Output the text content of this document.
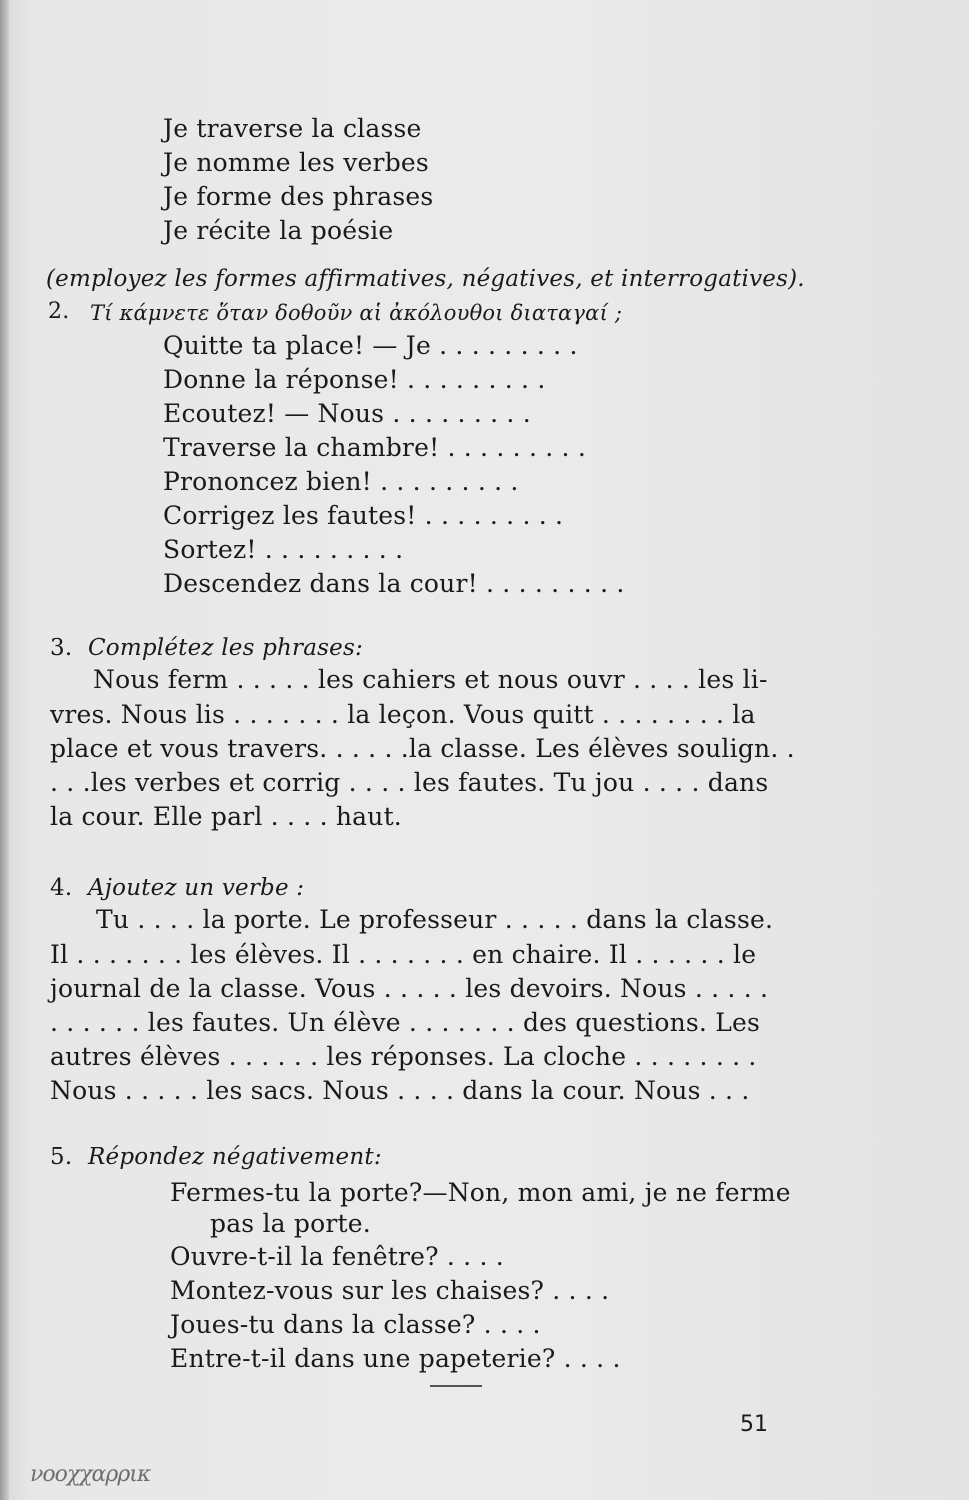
Je traverse la classe
Je nomme les verbes
Je forme des phrases
Je récite la poésie
(employez les formes affirmatives, négatives, et interrogatives).
2. Τί κάμνετε ὅταν δοθοῦν αἱ ἀκόλουθοι διαταγαί ;
Quitte ta place! — Je . . . . . . . . .
Donne la réponse! . . . . . . . . .
Ecoutez! — Nous . . . . . . . . .
Traverse la chambre! . . . . . . . . .
Prononcez bien! . . . . . . . . .
Corrigez les fautes! . . . . . . . . .
Sortez! . . . . . . . . .
Descendez dans la cour! . . . . . . . . .
3. Complétez les phrases:
Nous ferm . . . . . les cahiers et nous ouvr . . . . les li-
vres. Nous lis . . . . . . . la leçon. Vous quitt . . . . . . . . la
place et vous travers. . . . . .la classe. Les élèves soulign. .
. . .les verbes et corrig . . . . les fautes. Tu jou . . . . dans
la cour. Elle parl . . . . haut.
4. Ajoutez un verbe :
Tu . . . . la porte. Le professeur . . . . . dans la classe.
Il . . . . . . . les élèves. Il . . . . . . . en chaire. Il . . . . . . le
journal de la classe. Vous . . . . . les devoirs. Nous . . . . .
. . . . . . les fautes. Un élève . . . . . . . des questions. Les
autres élèves . . . . . . les réponses. La cloche . . . . . . . .
Nous . . . . . les sacs. Nous . . . . dans la cour. Nous . . .
5. Répondez négativement:
Fermes-tu la porte?—Non, mon ami, je ne ferme
pas la porte.
Ouvre-t-il la fenêtre? . . . .
Montez-vous sur les chaises? . . . .
Joues-tu dans la classe? . . . .
Entre-t-il dans une papeterie? . . . .
51
νοοχχαρρικ
